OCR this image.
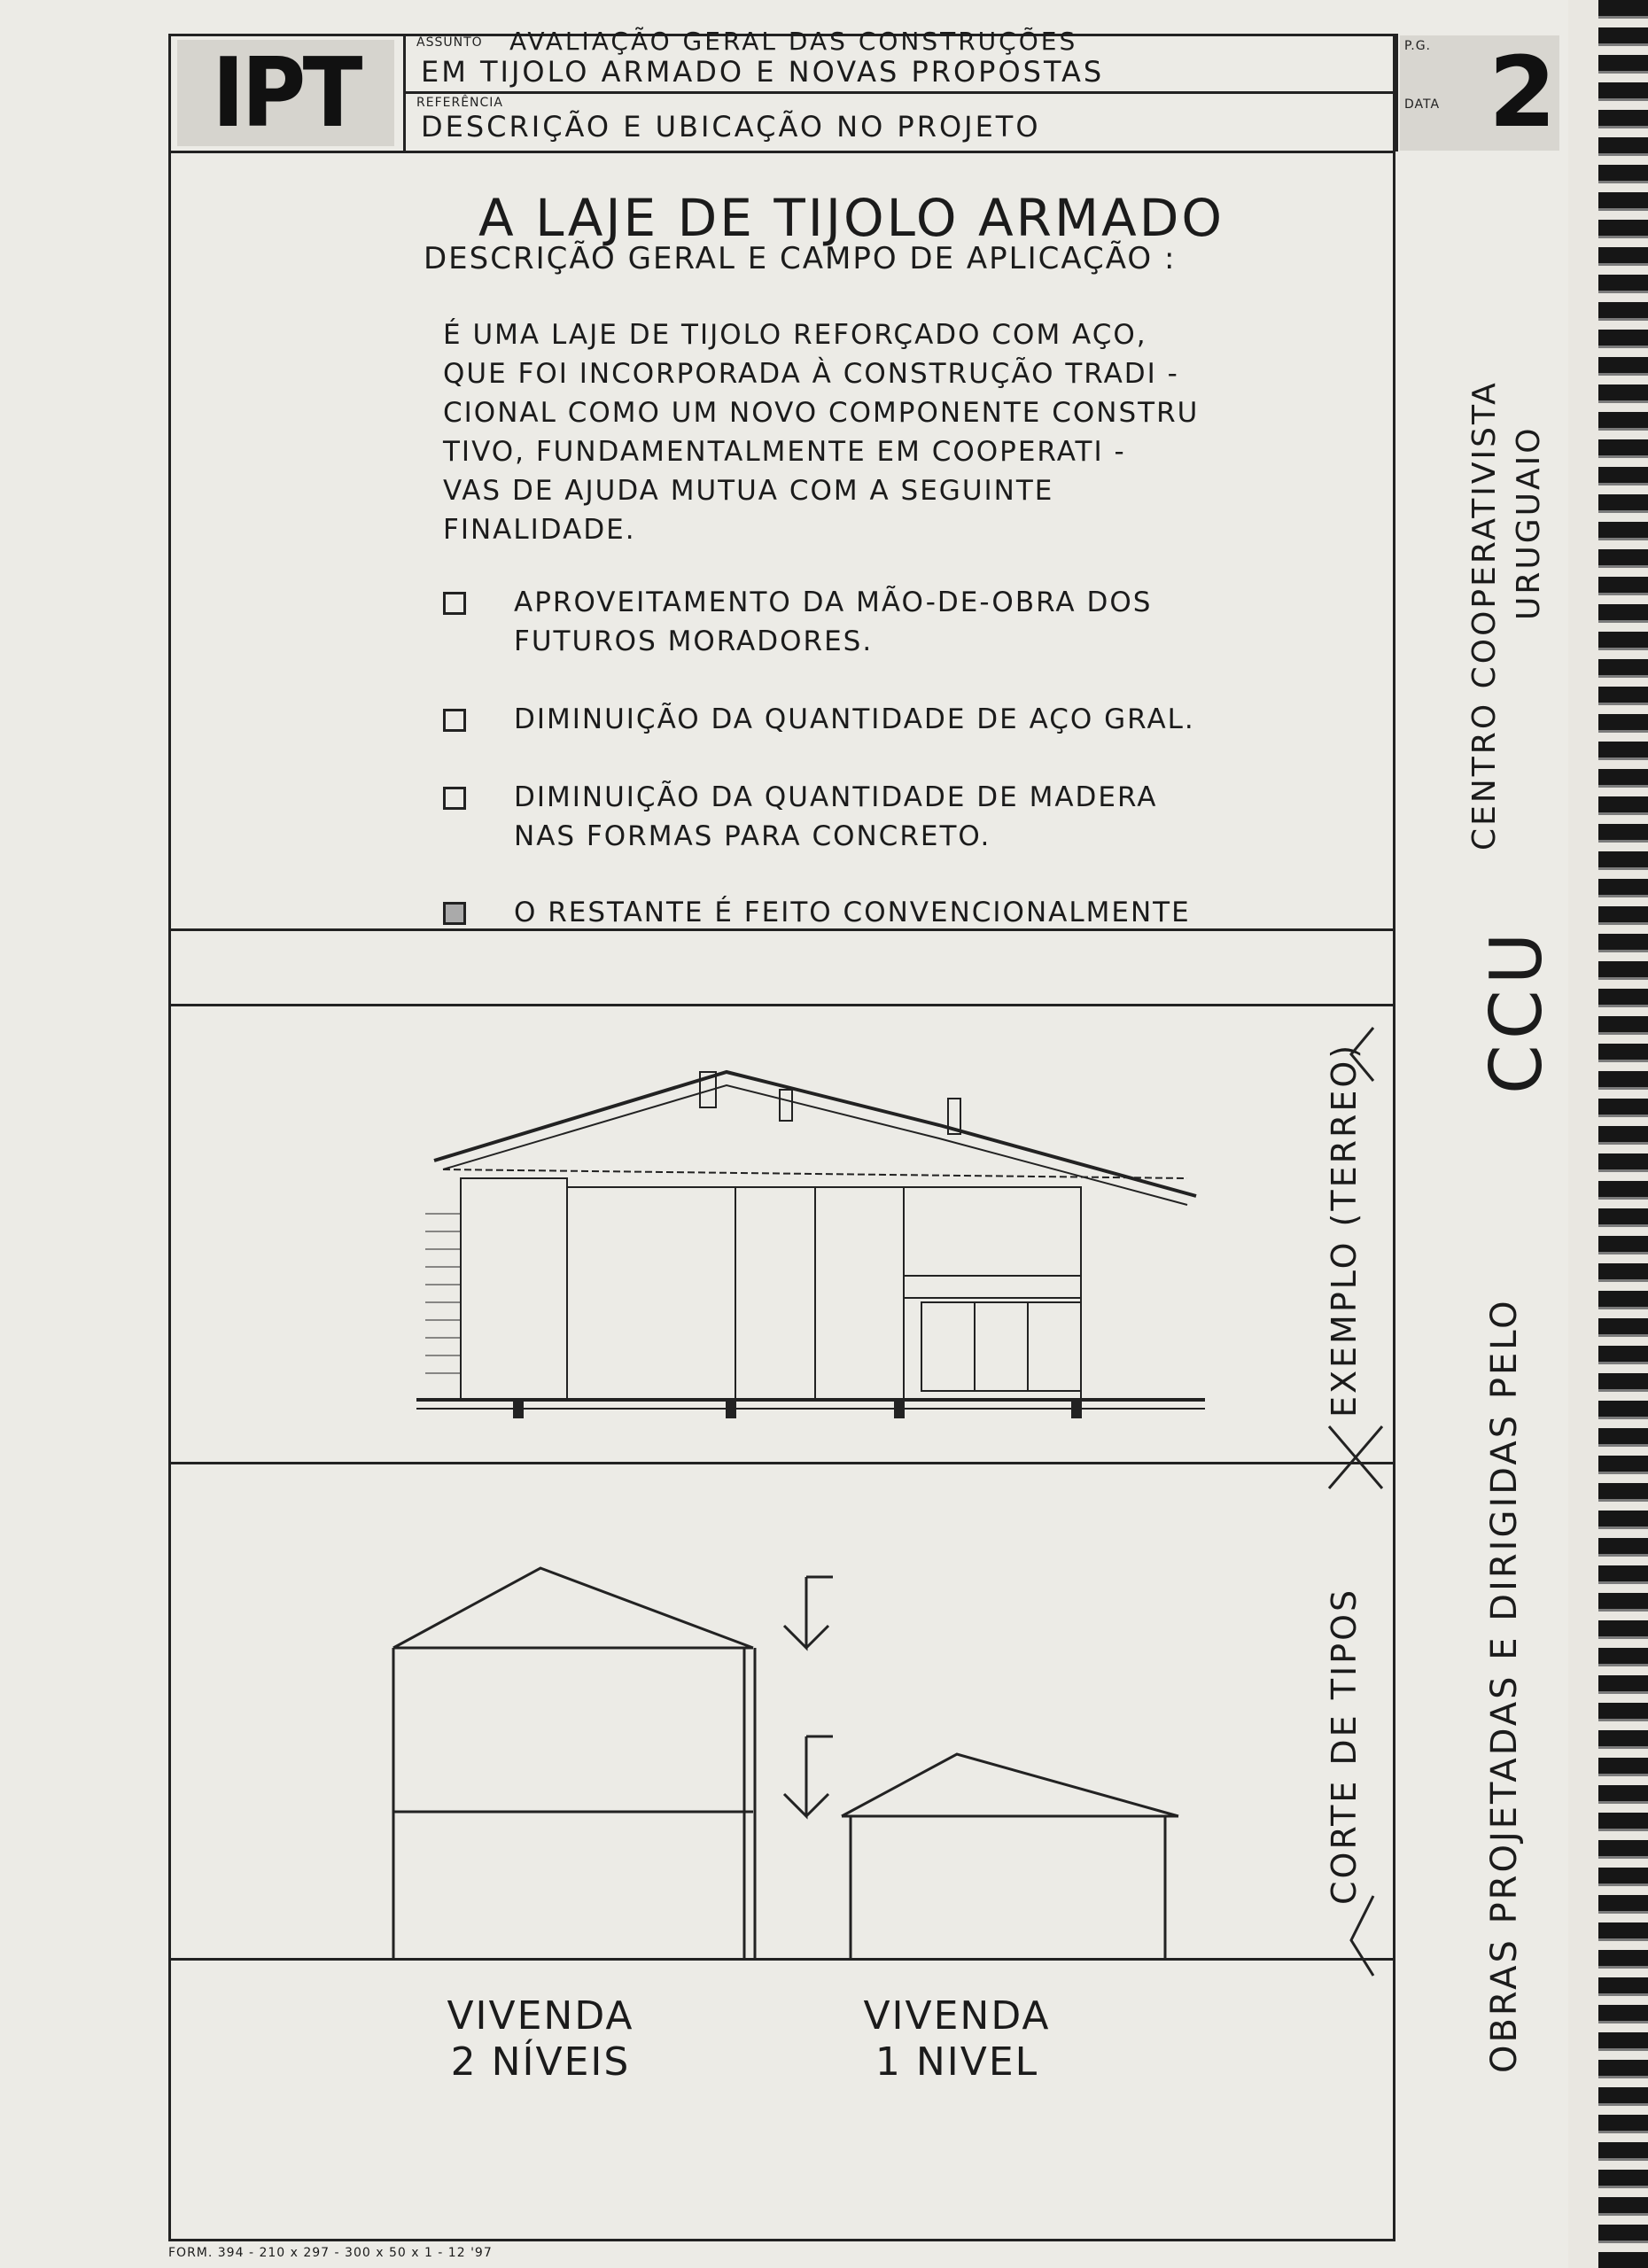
IPT	ASSUNTO AVALIAÇÃO GERAL DAS CONSTRUÇÕES
EM TIJOLO ARMADO E NOVAS PROPOSTAS
REFERÊNCIA
DESCRIÇÃO E UBICAÇÃO NO PROJETO
P.G.
DATA 2
A LAJE DE TIJOLO ARMADO
DESCRIÇÃO GERAL E CAMPO DE APLICAÇÃO :
É UMA LAJE DE TIJOLO REFORÇADO COM AÇO,
QUE FOI INCORPORADA À CONSTRUÇÃO TRADI -
CIONAL COMO UM NOVO COMPONENTE CONSTRU
TIVO, FUNDAMENTALMENTE EM COOPERATI -
VAS DE AJUDA MUTUA COM A SEGUINTE
FINALIDADE.
APROVEITAMENTO DA MÃO-DE-OBRA DOS
FUTUROS MORADORES.
DIMINUIÇÃO DA QUANTIDADE DE AÇO GRAL.
DIMINUIÇÃO DA QUANTIDADE DE MADERA
NAS FORMAS PARA CONCRETO.
O RESTANTE É FEITO CONVENCIONALMENTE
EXEMPLO (TERREO)
CORTE DE TIPOS
VIVENDA
2 NÍVEIS
VIVENDA
1 NIVEL	OBRAS PROJETADAS E DIRIGIDAS PELO
CCU
CENTRO COOPERATIVISTA URUGUAIO
FORM. 394 - 210 x 297 - 300 x 50 x 1 - 12 '97
